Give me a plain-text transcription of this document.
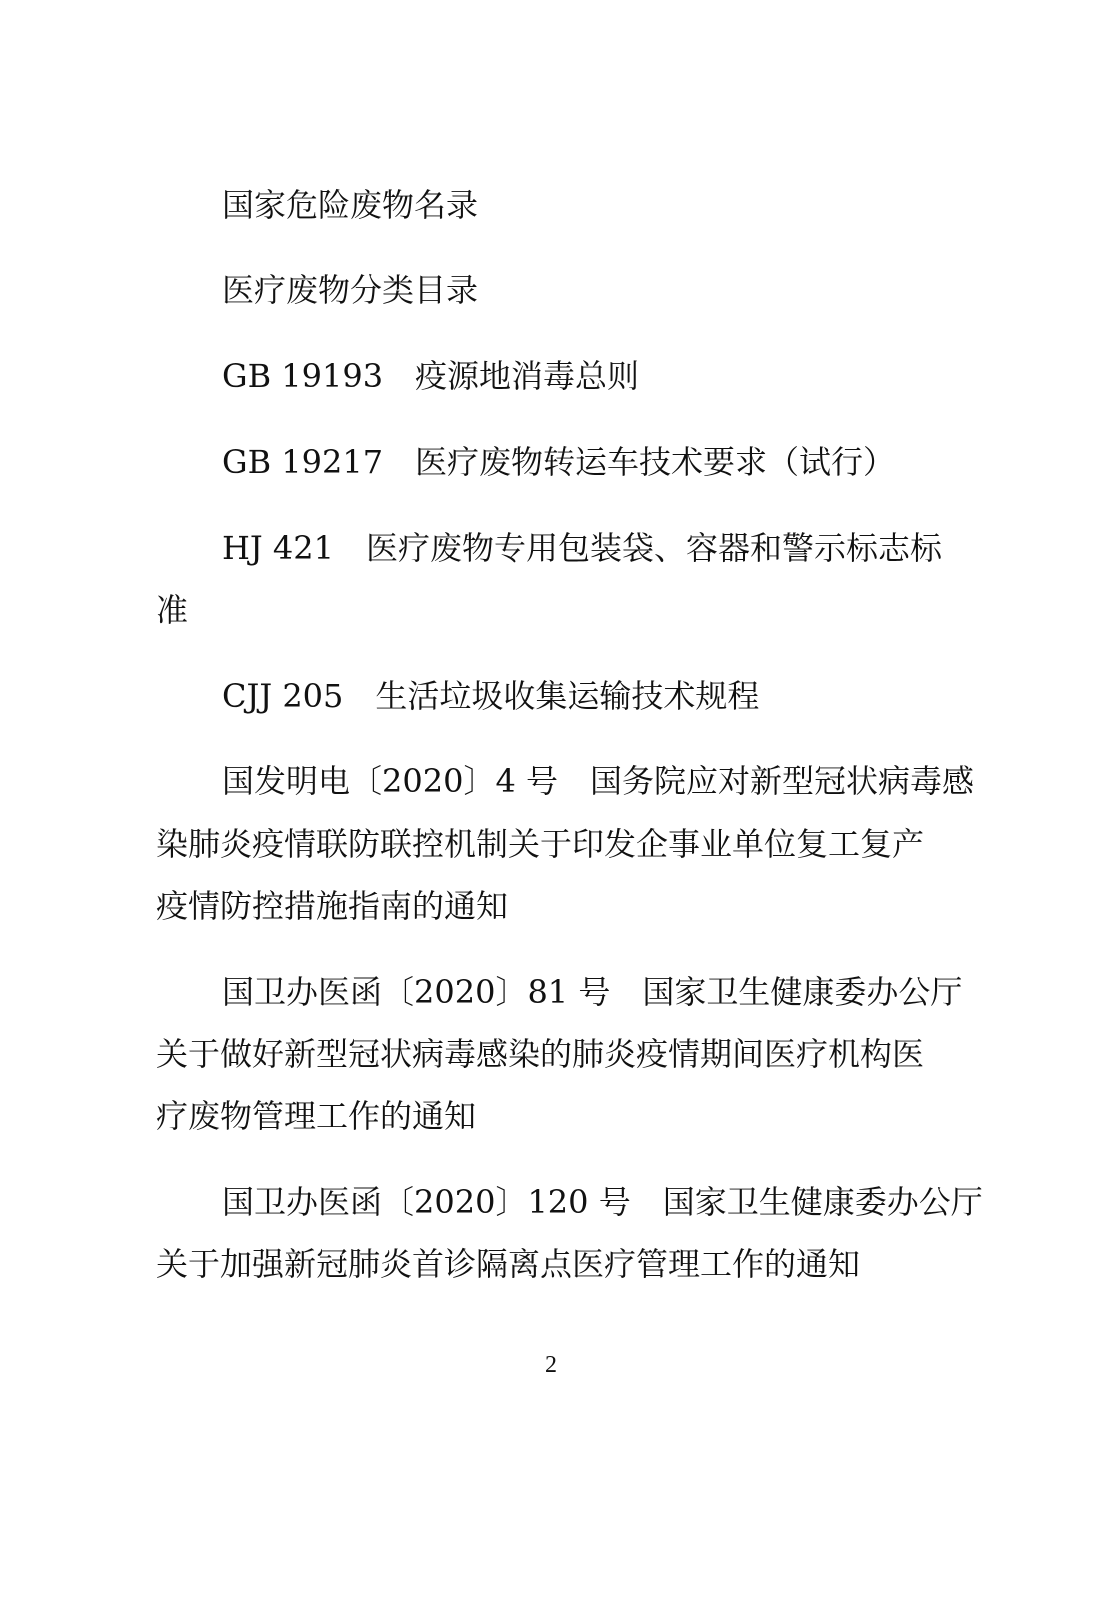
国家危险废物名录
医疗废物分类目录
GB 19193　疫源地消毒总则
GB 19217　医疗废物转运车技术要求（试行）
HJ 421　医疗废物专用包装袋、容器和警示标志标
准
CJJ 205　生活垃圾收集运输技术规程
国发明电〔2020〕4 号　国务院应对新型冠状病毒感
染肺炎疫情联防联控机制关于印发企事业单位复工复产
疫情防控措施指南的通知
国卫办医函〔2020〕81 号　国家卫生健康委办公厅
关于做好新型冠状病毒感染的肺炎疫情期间医疗机构医
疗废物管理工作的通知
国卫办医函〔2020〕120 号　国家卫生健康委办公厅
关于加强新冠肺炎首诊隔离点医疗管理工作的通知
2
